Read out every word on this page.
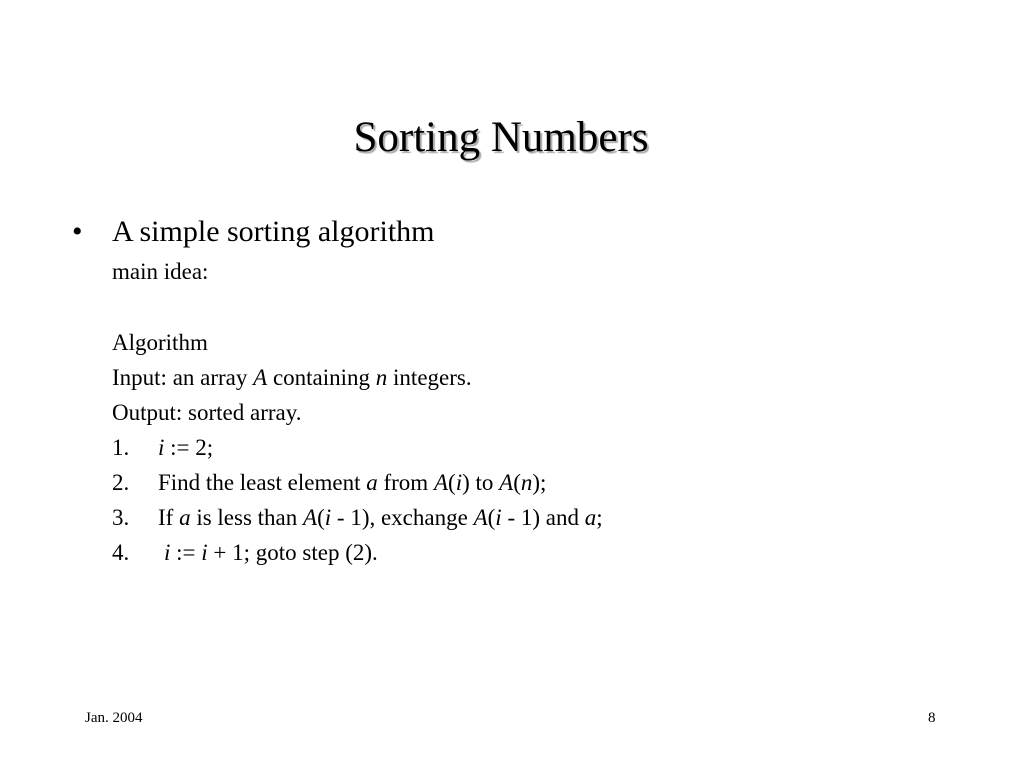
Sorting Numbers
• A simple sorting algorithm
main idea:
Algorithm
Input: an array A containing n integers.
Output: sorted array.
1. i := 2;
2. Find the least element a from A(i) to A(n);
3. If a is less than A(i - 1), exchange A(i - 1) and a;
4. i := i + 1; goto step (2).
Jan. 2004	8
